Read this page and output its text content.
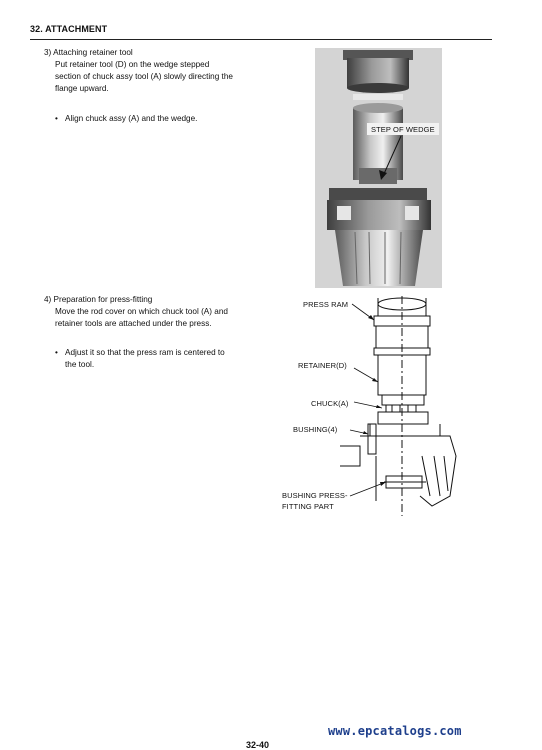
32. ATTACHMENT
3) Attaching retainer tool
Put retainer tool (D) on the wedge stepped
section of chuck assy tool (A) slowly directing the
flange upward.
• Align chuck assy (A) and the wedge.
STEP OF WEDGE
4) Preparation for press-fitting
Move the rod cover on which chuck tool (A) and
retainer tools are attached under the press.
• Adjust it so that the press ram is centered to
the tool.
PRESS RAM
RETAINER(D)
CHUCK(A)
BUSHING(4)
BUSHING PRESS-
FITTING PART
www.epcatalogs.com
32-40
